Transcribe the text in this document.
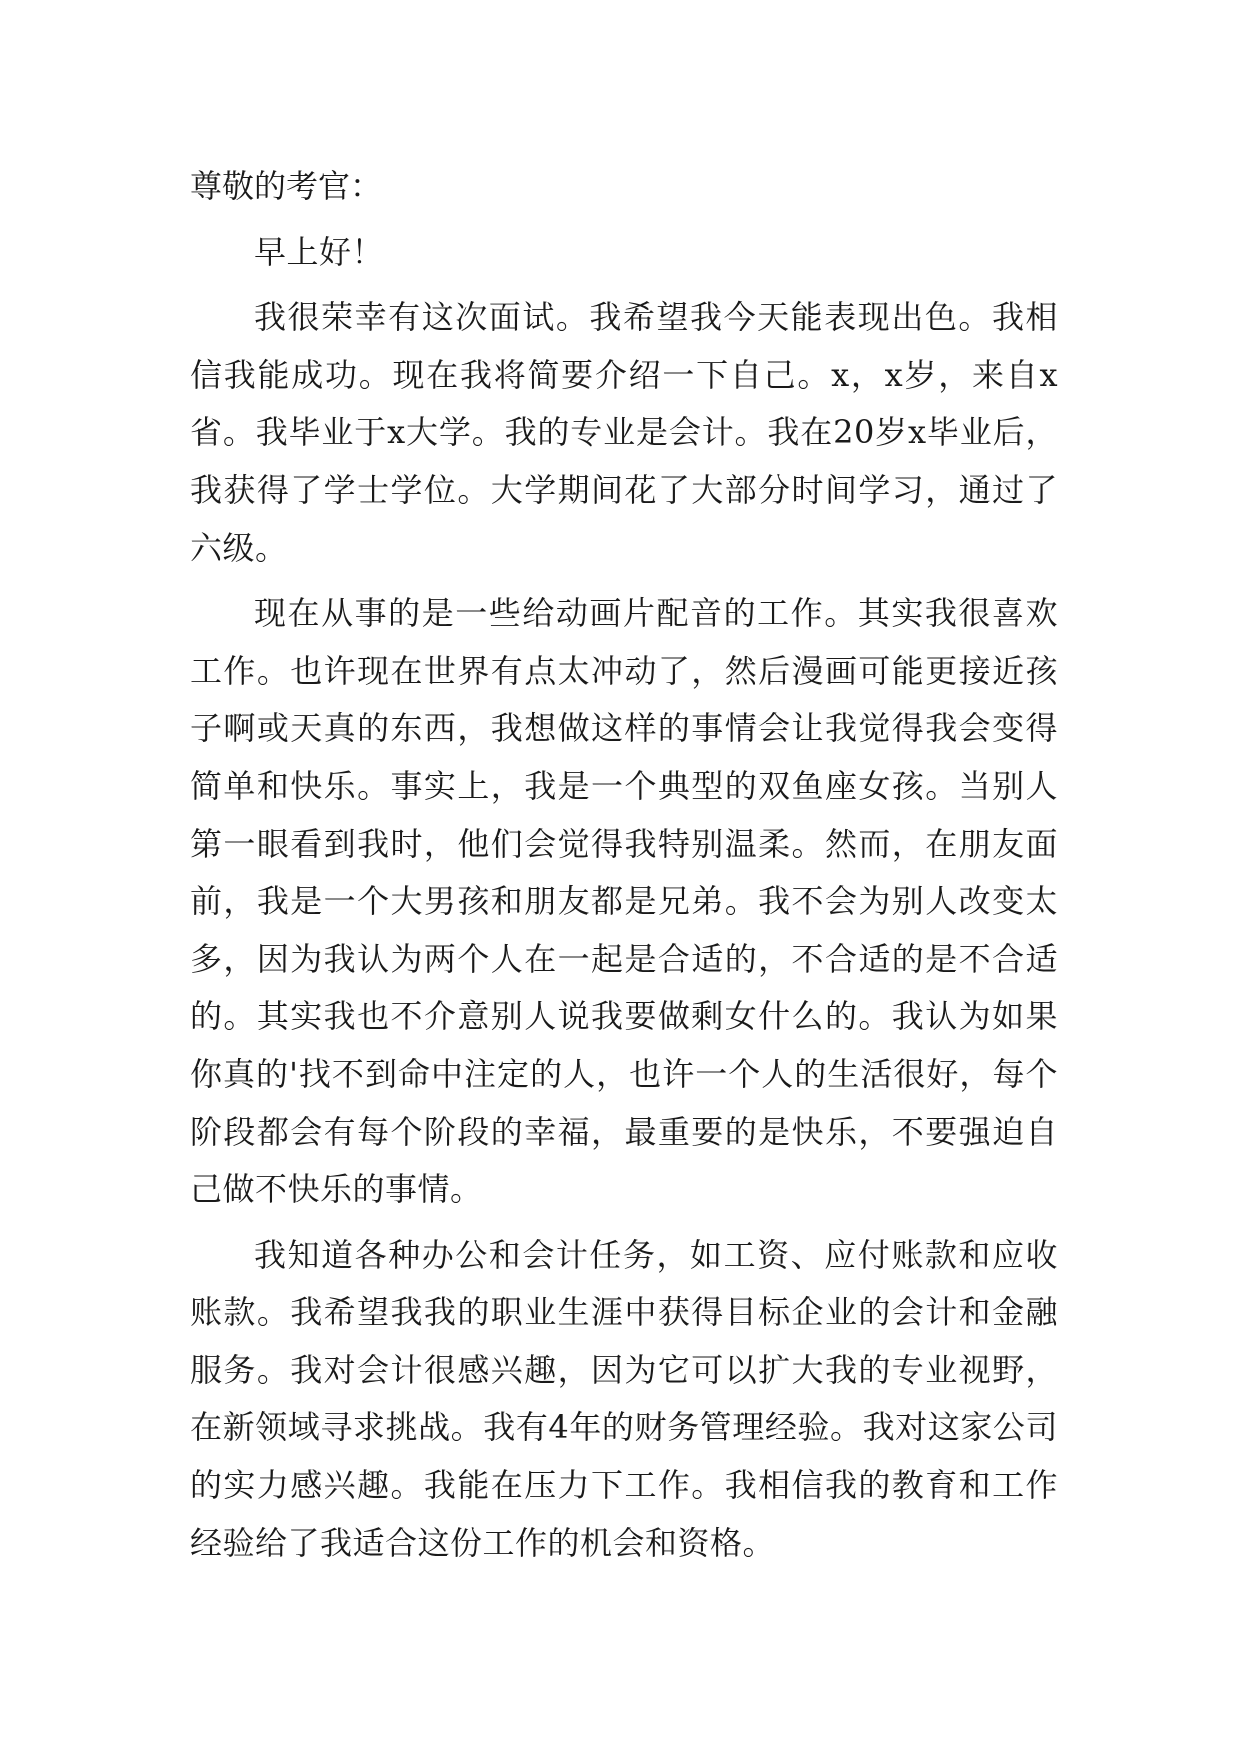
尊敬的考官：
早上好！
我很荣幸有这次面试。我希望我今天能表现出色。我相信我能成功。现在我将简要介绍一下自己。x，x岁，来自x省。我毕业于x大学。我的专业是会计。我在20岁x毕业后，我获得了学士学位。大学期间花了大部分时间学习，通过了六级。
现在从事的是一些给动画片配音的工作。其实我很喜欢工作。也许现在世界有点太冲动了，然后漫画可能更接近孩子啊或天真的东西，我想做这样的事情会让我觉得我会变得简单和快乐。事实上，我是一个典型的双鱼座女孩。当别人第一眼看到我时，他们会觉得我特别温柔。然而，在朋友面前，我是一个大男孩和朋友都是兄弟。我不会为别人改变太多，因为我认为两个人在一起是合适的，不合适的是不合适的。其实我也不介意别人说我要做剩女什么的。我认为如果你真的'找不到命中注定的人，也许一个人的生活很好，每个阶段都会有每个阶段的幸福，最重要的是快乐，不要强迫自己做不快乐的事情。
我知道各种办公和会计任务，如工资、应付账款和应收账款。我希望我我的职业生涯中获得目标企业的会计和金融服务。我对会计很感兴趣，因为它可以扩大我的专业视野，在新领域寻求挑战。我有4年的财务管理经验。我对这家公司的实力感兴趣。我能在压力下工作。我相信我的教育和工作经验给了我适合这份工作的机会和资格。
